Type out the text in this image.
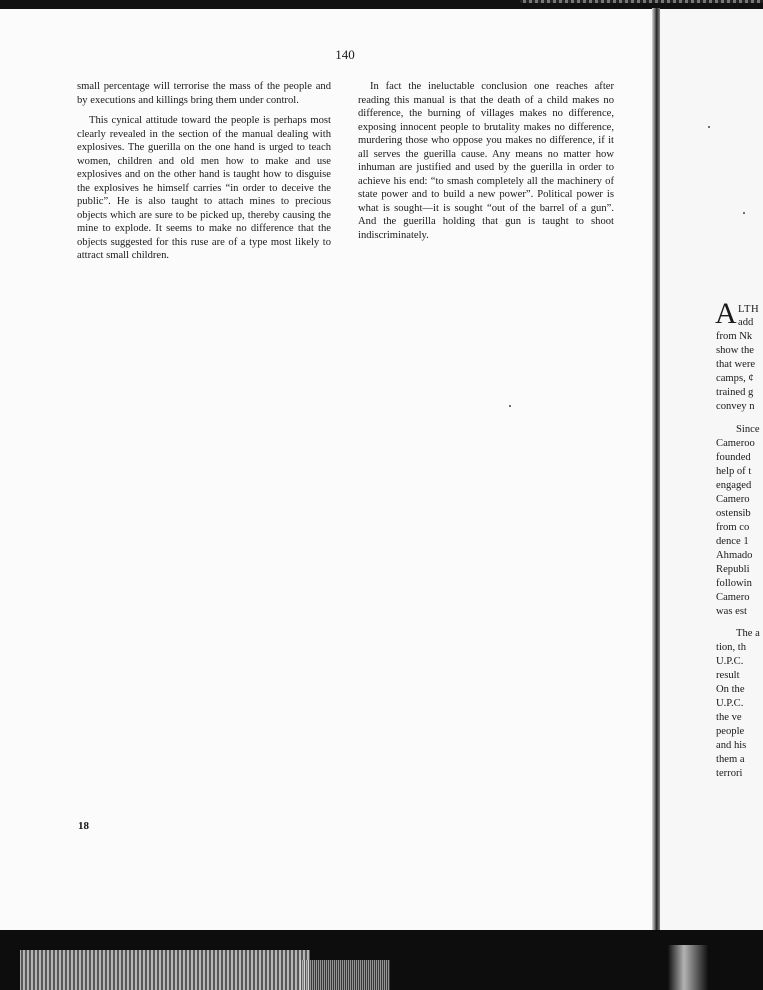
140

small percentage will terrorise the mass of the people and by executions and killings bring them under control.

This cynical attitude toward the people is perhaps most clearly revealed in the section of the manual dealing with explosives. The guerilla on the one hand is urged to teach women, children and old men how to make and use explosives and on the other hand is taught how to disguise the explosives he himself carries “in order to deceive the public”. He is also taught to attach mines to precious objects which are sure to be picked up, thereby causing the mine to explode. It seems to make no difference that the objects suggested for this ruse are of a type most likely to attract small children.

In fact the ineluctable conclusion one reaches after reading this manual is that the death of a child makes no difference, the burning of villages makes no difference, exposing innocent people to brutality makes no difference, murdering those who oppose you makes no difference, if it all serves the guerilla cause. Any means no matter how inhuman are justified and used by the guerilla in order to achieve his end: “to smash completely all the machinery of state power and to build a new power”. Political power is what is sought—it is sought “out of the barrel of a gun”. And the guerilla holding that gun is taught to shoot indiscriminately.

18
A LTH
add
from Nk
show the
that were
camps, ¢
trained g
convey n
Since
Cameroo
founded
help of t
engaged
Camero
ostensib
from co
dence 1
Ahmado
Republi
followin
Camero
was est
The a
tion, th
U.P.C.
result
On the
U.P.C.
the ve
people
and his
them a
terrori
